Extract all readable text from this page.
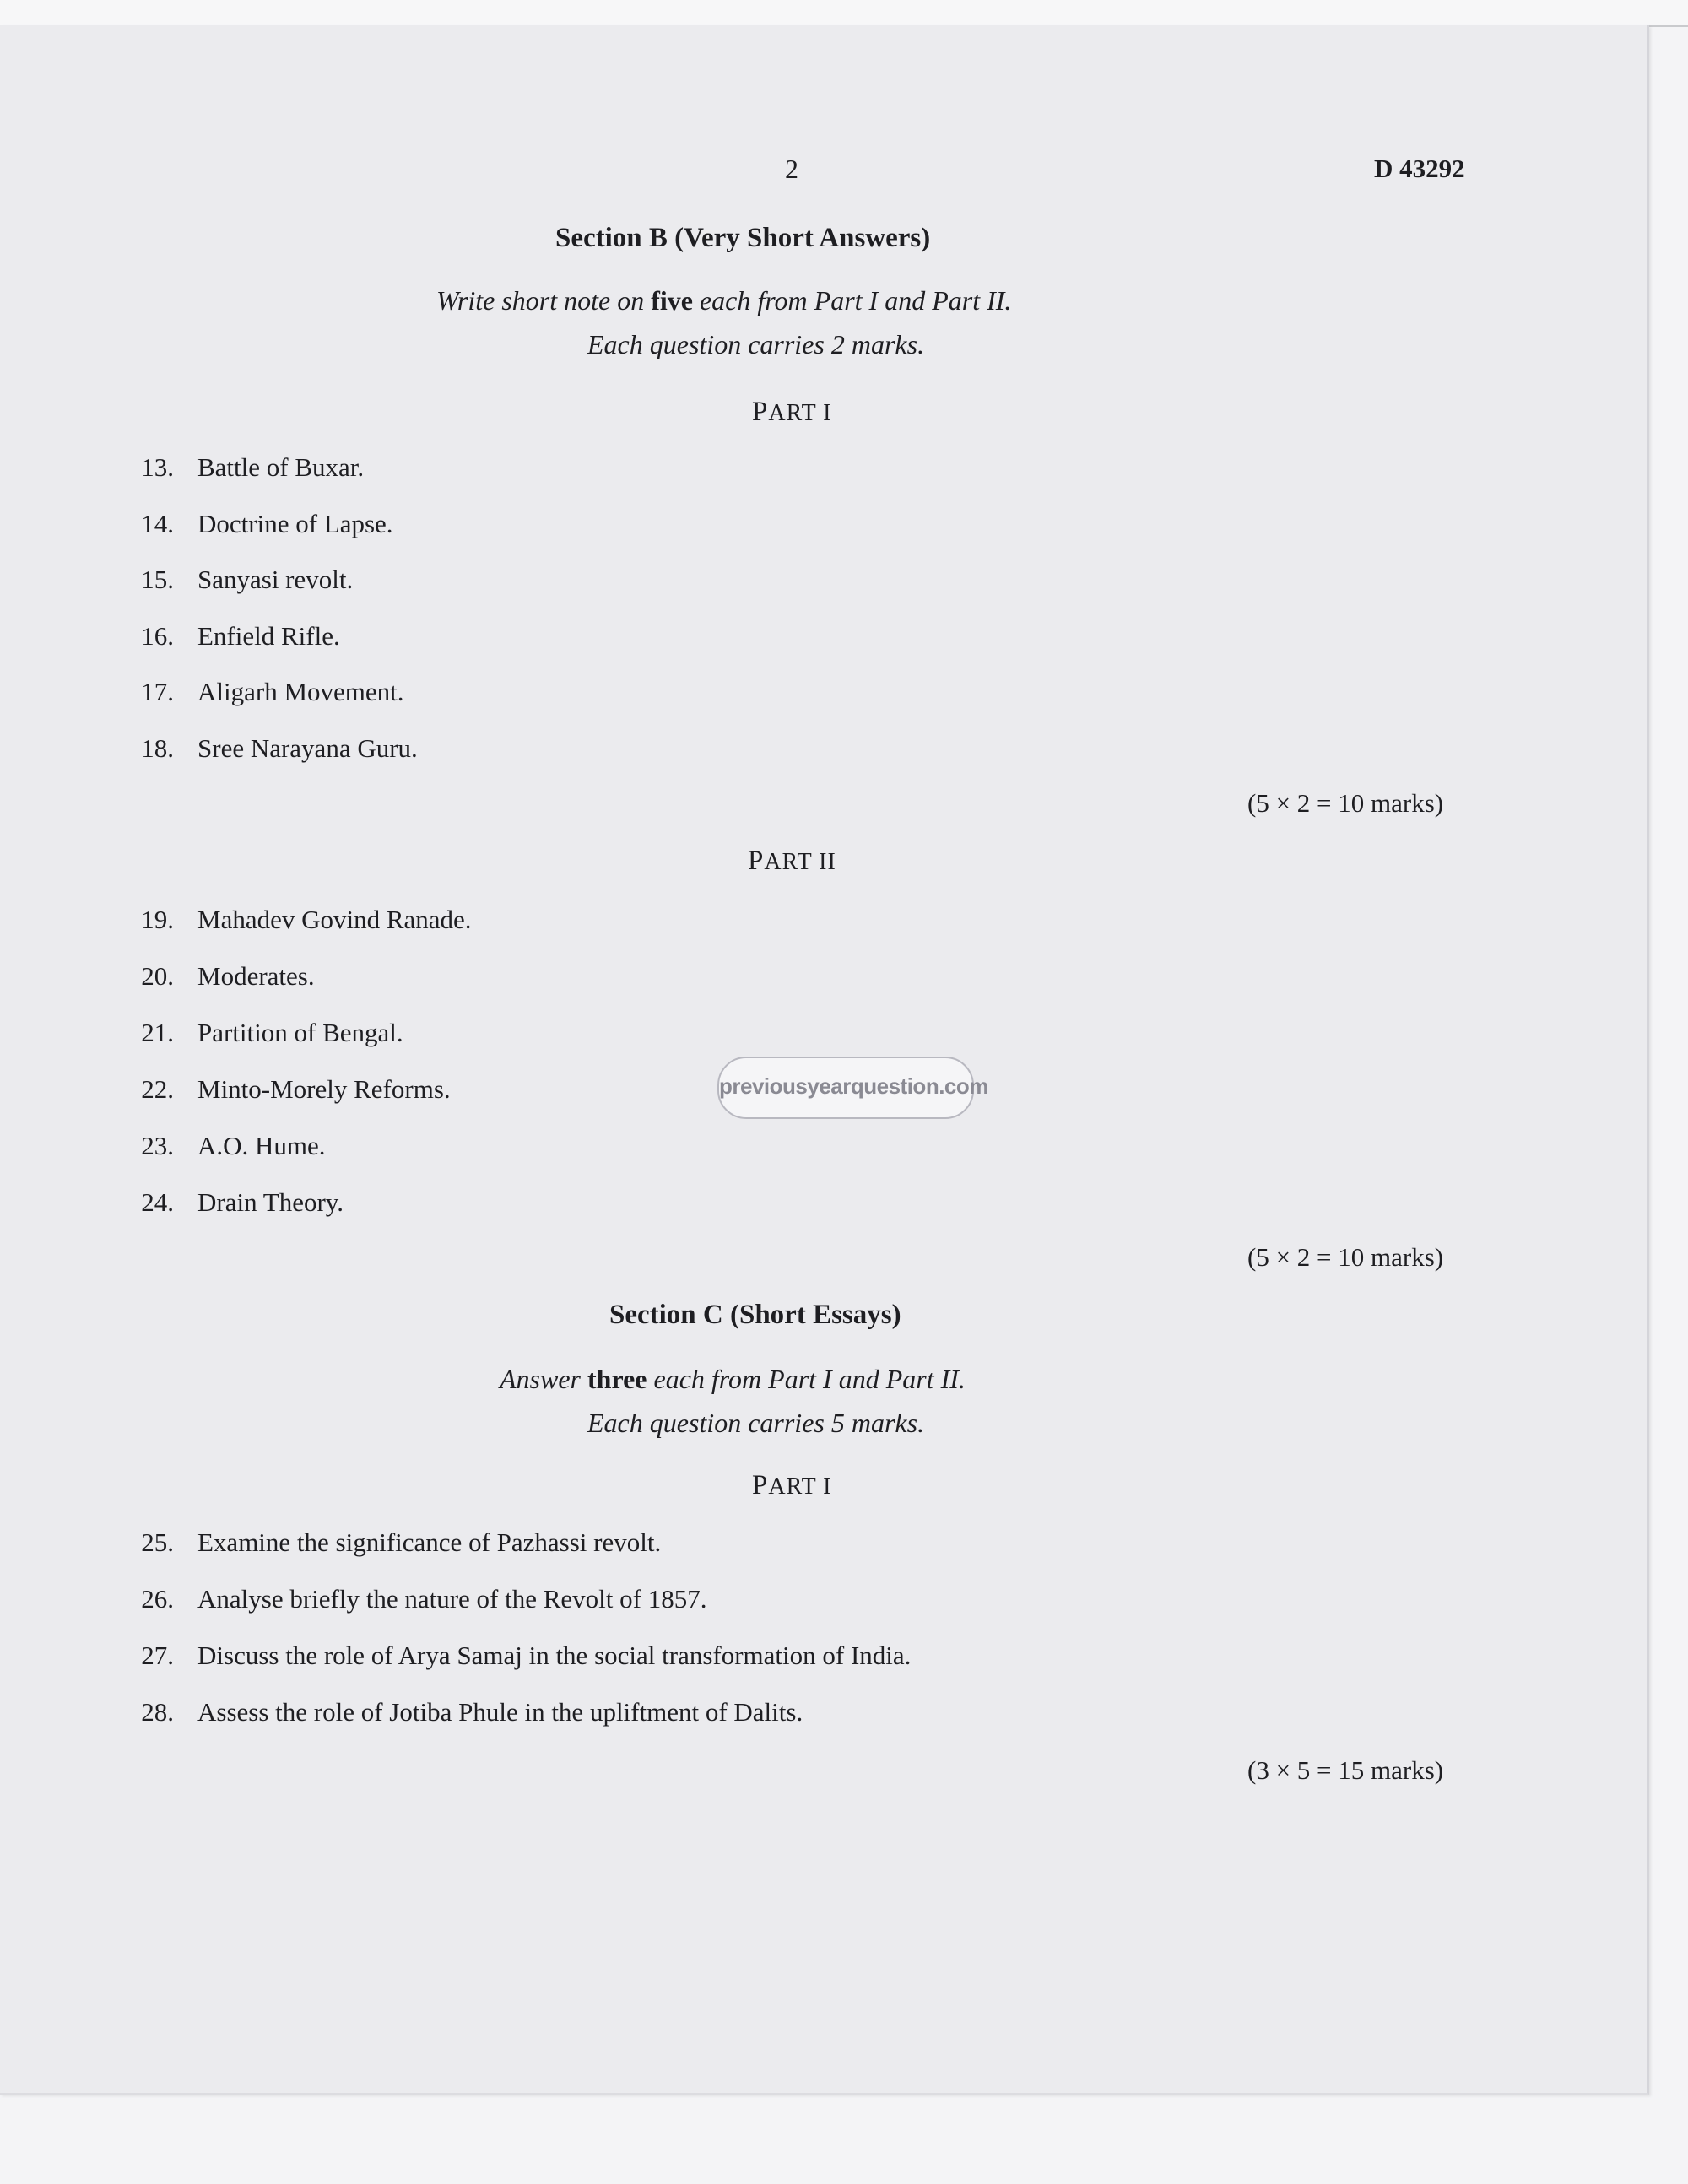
2	D 43292
Section B (Very Short Answers)
Write short note on five each from Part I and Part II.
Each question carries 2 marks.
PART I
13. Battle of Buxar.
14. Doctrine of Lapse.
15. Sanyasi revolt.
16. Enfield Rifle.
17. Aligarh Movement.
18. Sree Narayana Guru.
(5 × 2 = 10 marks)
PART II
19. Mahadev Govind Ranade.
20. Moderates.
21. Partition of Bengal.
22. Minto-Morely Reforms.
23. A.O. Hume.
24. Drain Theory.
(5 × 2 = 10 marks)
previousyearquestion.com
Section C (Short Essays)
Answer three each from Part I and Part II.
Each question carries 5 marks.
PART I
25. Examine the significance of Pazhassi revolt.
26. Analyse briefly the nature of the Revolt of 1857.
27. Discuss the role of Arya Samaj in the social transformation of India.
28. Assess the role of Jotiba Phule in the upliftment of Dalits.
(3 × 5 = 15 marks)
